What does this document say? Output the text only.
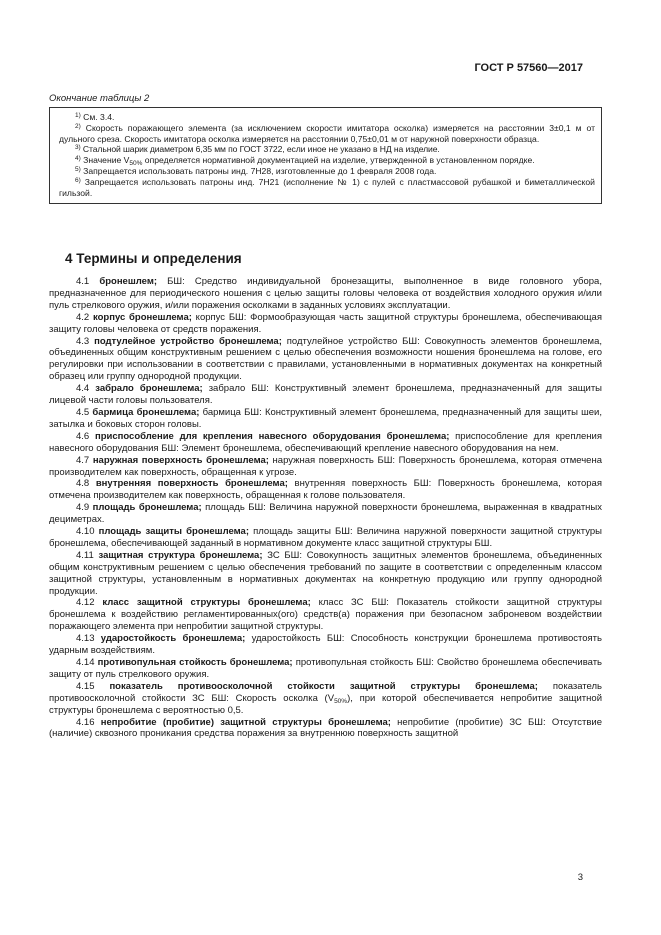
ГОСТ Р 57560—2017
Окончание таблицы 2

$^{1)}$ См. 3.4.

$^{2)}$ Скорость поражающего элемента (за исключением скорости имитатора осколка) измеряется на расстоянии 3±0,1 м от дульного среза. Скорость имитатора осколка измеряется на расстоянии 0,75±0,01 м от наружной поверхности образца.

$^{3)}$ Стальной шарик диаметром 6,35 мм по ГОСТ 3722, если иное не указано в НД на изделие.

$^{4)}$ Значение $V_{50\%}$ определяется нормативной документацией на изделие, утвержденной в установленном порядке.

$^{5)}$ Запрещается использовать патроны инд. 7Н28, изготовленные до 1 февраля 2008 года.

$^{6)}$ Запрещается использовать патроны инд. 7Н21 (исполнение № 1) с пулей с пластмассовой рубашкой и биметаллической гильзой.

4 Термины и определения

4.1 бронешлем; БШ: Средство индивидуальной бронезащиты, выполненное в виде головного убора, предназначенное для периодического ношения с целью защиты головы человека от воздействия холодного оружия и/или пуль стрелкового оружия, и/или поражения осколками в заданных условиях эксплуатации.

4.2 корпус бронешлема; корпус БШ: Формообразующая часть защитной структуры бронешлема, обеспечивающая защиту головы человека от средств поражения.

4.3 подтулейное устройство бронешлема; подтулейное устройство БШ: Совокупность элементов бронешлема, объединенных общим конструктивным решением с целью обеспечения возможности ношения бронешлема на голове, его регулировки при использовании в соответствии с правилами, установленными в нормативных документах на конкретный образец или группу однородной продукции.

4.4 забрало бронешлема; забрало БШ: Конструктивный элемент бронешлема, предназначенный для защиты лицевой части головы пользователя.

4.5 бармица бронешлема; бармица БШ: Конструктивный элемент бронешлема, предназначенный для защиты шеи, затылка и боковых сторон головы.

4.6 приспособление для крепления навесного оборудования бронешлема; приспособление для крепления навесного оборудования БШ: Элемент бронешлема, обеспечивающий крепление навесного оборудования на нем.

4.7 наружная поверхность бронешлема; наружная поверхность БШ: Поверхность бронешлема, которая отмечена производителем как поверхность, обращенная к угрозе.

4.8 внутренняя поверхность бронешлема; внутренняя поверхность БШ: Поверхность бронешлема, которая отмечена производителем как поверхность, обращенная к голове пользователя.

4.9 площадь бронешлема; площадь БШ: Величина наружной поверхности бронешлема, выраженная в квадратных дециметрах.

4.10 площадь защиты бронешлема; площадь защиты БШ: Величина наружной поверхности защитной структуры бронешлема, обеспечивающей заданный в нормативном документе класс защитной структуры БШ.

4.11 защитная структура бронешлема; ЗС БШ: Совокупность защитных элементов бронешлема, объединенных общим конструктивным решением с целью обеспечения требований по защите в соответствии с определенным классом защитной структуры, установленным в нормативных документах на конкретную продукцию или группу однородной продукции.

4.12 класс защитной структуры бронешлема; класс ЗС БШ: Показатель стойкости защитной структуры бронешлема к воздействию регламентированных(ого) средств(а) поражения при безопасном заброневом воздействии поражающего элемента при непробитии защитной структуры.

4.13 ударостойкость бронешлема; ударостойкость БШ: Способность конструкции бронешлема противостоять ударным воздействиям.

4.14 противопульная стойкость бронешлема; противопульная стойкость БШ: Свойство бронешлема обеспечивать защиту от пуль стрелкового оружия.

4.15 показатель противоосколочной стойкости защитной структуры бронешлема; показатель противоосколочной стойкости ЗС БШ: Скорость осколка $(V_{50\%})$, при которой обеспечивается непробитие защитной структуры бронешлема с вероятностью 0,5.

4.16 непробитие (пробитие) защитной структуры бронешлема; непробитие (пробитие) ЗС БШ: Отсутствие (наличие) сквозного проникания средства поражения за внутреннюю поверхность защитной

3
